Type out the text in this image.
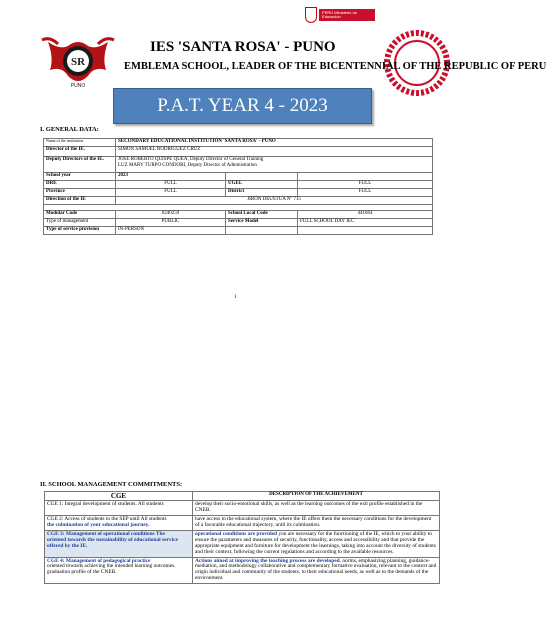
PERÚ Ministerio de Educación
SR
PUNO
IES 'SANTA ROSA' - PUNO
EMBLEMA SCHOOL, LEADER OF THE BICENTENNIAL OF THE REPUBLIC OF PERU
P.A.T. YEAR 4 - 2023
I. GENERAL DATA:
Name of the institution.	SECONDARY EDUCATIONAL INSTITUTION 'SANTA ROSA' - PUNO		
Director of the IE.	SIMON SAMUEL RODRIGUEZ CRUZ		
Deputy Directors of the IE.	JOSE ROBERTO QUISPE QUEA, Deputy Director of General Training
LUZ MARY TURPO CONDORI, Deputy Director of Administration		

School year	2023		
DRE	FULL	UGEL	FULL
Province	FULL	District	FULL
Direction of the IE	JIRÓN DEUSTUA Nº 715		

Modular Code	0240259	School Local Code	441664
Type of management	PUBLIC	Service Model	FULL SCHOOL DAY JEC
Type of service provision	IN-PERSON		
1
II. SCHOOL MANAGEMENT COMMITMENTS:
CGE	DESCRIPTION OF THE ACHIEVEMENT
CGE 1: Integral development of students. All students	develop their socio-emotional skills, as well as the learning outcomes of the exit profile established in the CNEB.

CGE 2: Access of students to the SEP until All students
the culmination of your educational journey.	have access to the educational system, where the IE offers them the necessary conditions for the development of a favorable educational trajectory, until its culmination.

CGE 3: Management of operational conditions The
oriented towards the sustainability of educational service offered by the IE.	operational conditions are provided you are necessary for the functioning of the IE, which to your ability to ensure the parameters and measures of security, functionality, access and accessibility and that provide the appropriate equipment and furniture for development the learnings, taking into account the diversity of students and their context, following the current regulations and according to the available resources.

CGE 4: Management of pedagogical practice
oriented towards achieving the intended learning outcomes. graduation profile of the CNEB.	Actions aimed at improving the teaching process are developed. norms, emphasizing planning, guidance-mediation, and methodology collaborative and complementary formative evaluation, relevant to the context and origin individual and community of the students, to their educational needs, as well as to the demands of the environment.
